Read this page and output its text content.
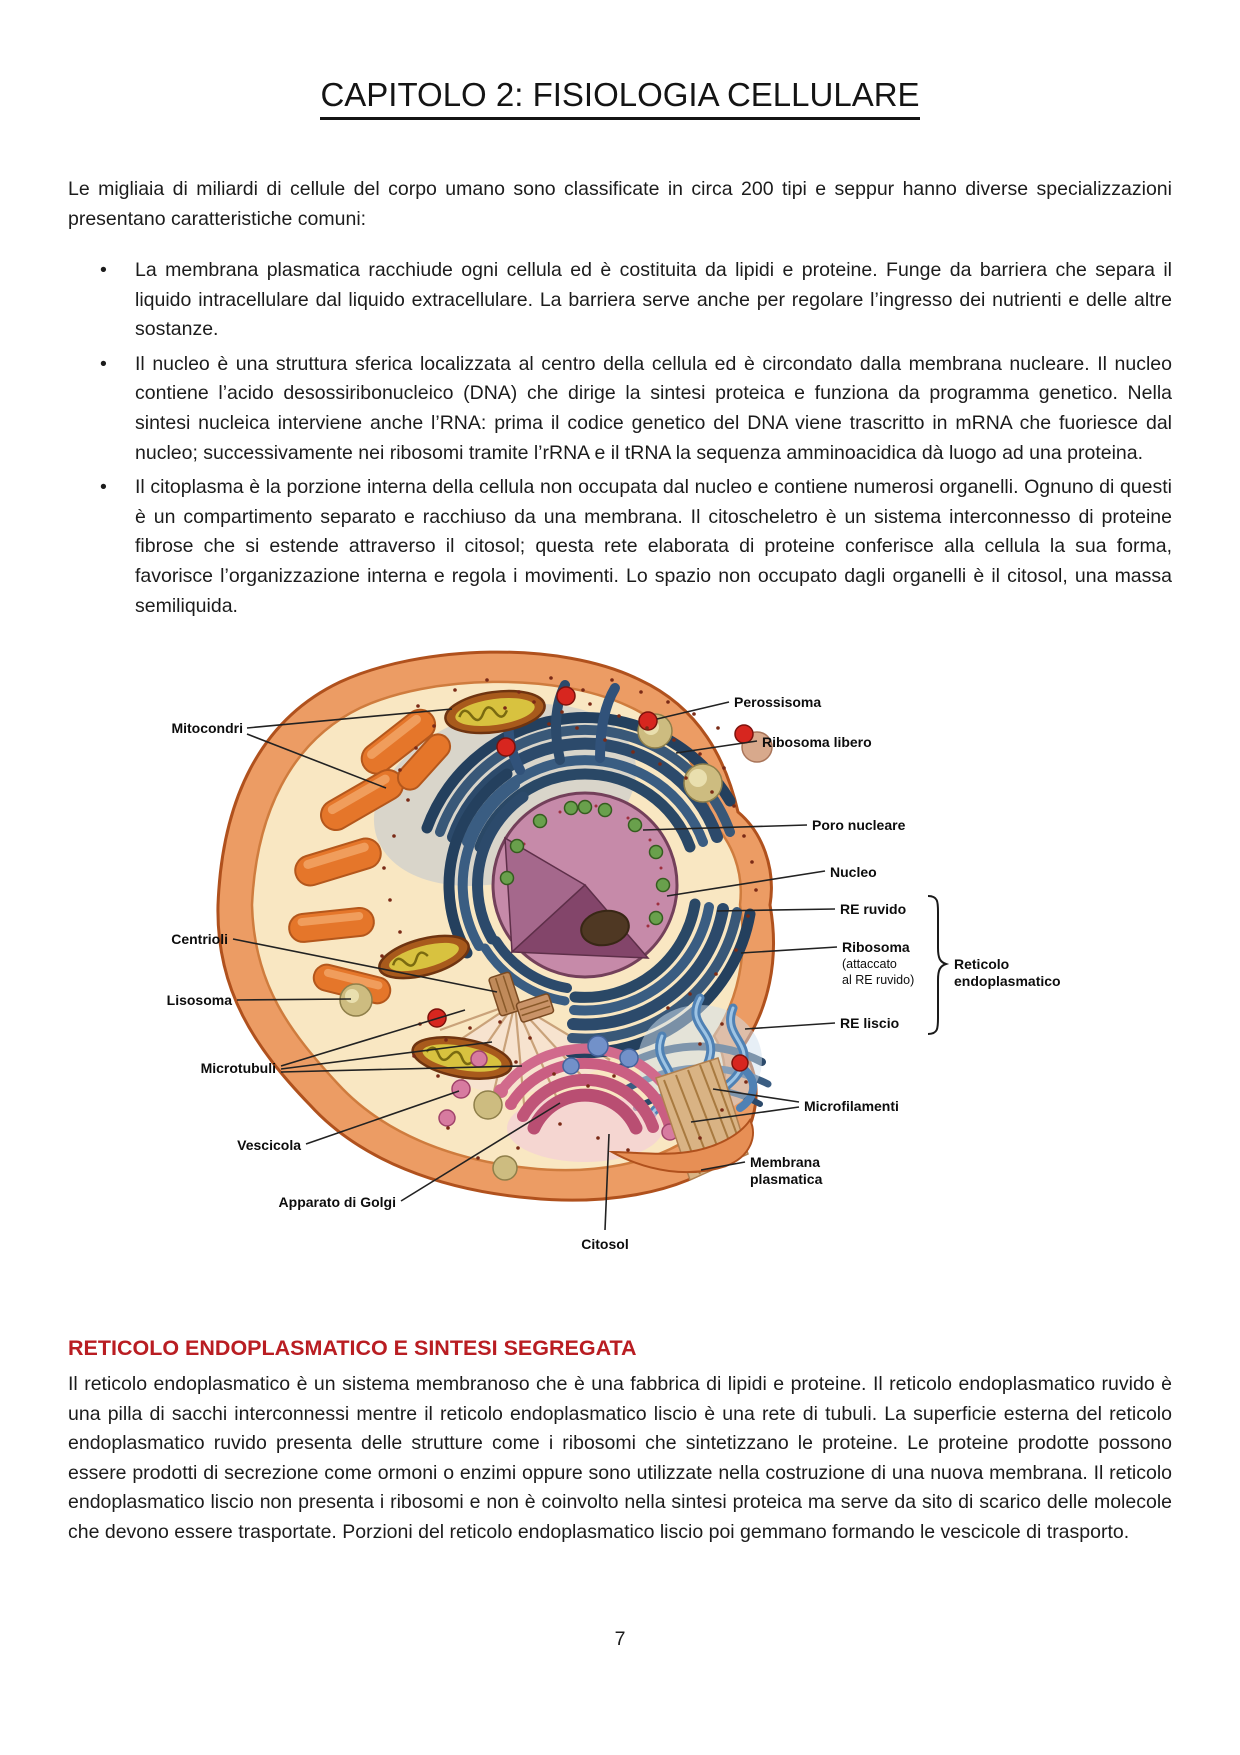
CAPITOLO 2: FISIOLOGIA CELLULARE
Le migliaia di miliardi di cellule del corpo umano sono classificate in circa 200 tipi e seppur hanno diverse specializzazioni presentano caratteristiche comuni:
• La membrana plasmatica racchiude ogni cellula ed è costituita da lipidi e proteine. Funge da barriera che separa il liquido intracellulare dal liquido extracellulare. La barriera serve anche per regolare l’ingresso dei nutrienti e delle altre sostanze.
• Il nucleo è una struttura sferica localizzata al centro della cellula ed è circondato dalla membrana nucleare. Il nucleo contiene l’acido desossiribonucleico (DNA) che dirige la sintesi proteica e funziona da programma genetico. Nella sintesi nucleica interviene anche l’RNA: prima il codice genetico del DNA viene trascritto in mRNA che fuoriesce dal nucleo; successivamente nei ribosomi tramite l’rRNA e il tRNA la sequenza amminoacidica dà luogo ad una proteina.
• Il citoplasma è la porzione interna della cellula non occupata dal nucleo e contiene numerosi organelli. Ognuno di questi è un compartimento separato e racchiuso da una membrana. Il citoscheletro è un sistema interconnesso di proteine fibrose che si estende attraverso il citosol; questa rete elaborata di proteine conferisce alla cellula la sua forma, favorisce l’organizzazione interna e regola i movimenti. Lo spazio non occupato dagli organelli è il citosol, una massa semiliquida.
Mitocondri
Centrioli
Lisosoma
Microtubuli
Vescicola
Apparato di Golgi
Citosol
Perossisoma
Ribosoma libero
Poro nucleare
Nucleo
RE ruvido
Ribosoma
(attaccato
al RE ruvido)
RE liscio
Reticolo
endoplasmatico
Microfilamenti
Membrana
plasmatica
RETICOLO ENDOPLASMATICO E SINTESI SEGREGATA

Il reticolo endoplasmatico è un sistema membranoso che è una fabbrica di lipidi e proteine. Il reticolo endoplasmatico ruvido è una pilla di sacchi interconnessi mentre il reticolo endoplasmatico liscio è una rete di tubuli. La superficie esterna del reticolo endoplasmatico ruvido presenta delle strutture come i ribosomi che sintetizzano le proteine. Le proteine prodotte possono essere prodotti di secrezione come ormoni o enzimi oppure sono utilizzate nella costruzione di una nuova membrana. Il reticolo endoplasmatico liscio non presenta i ribosomi e non è coinvolto nella sintesi proteica ma serve da sito di scarico delle molecole che devono essere trasportate. Porzioni del reticolo endoplasmatico liscio poi gemmano formando le vescicole di trasporto.

7
